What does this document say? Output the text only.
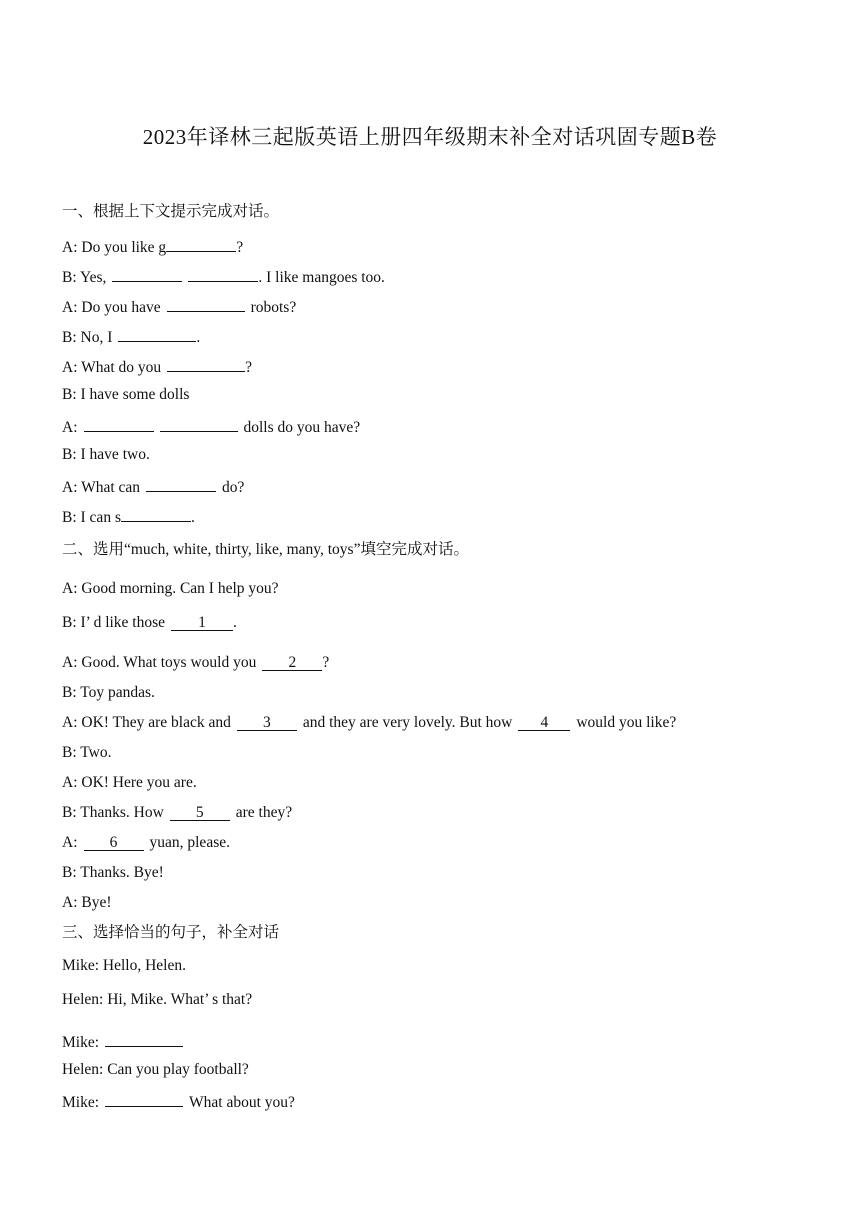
2023年译林三起版英语上册四年级期末补全对话巩固专题B卷
一、根据上下文提示完成对话。
A: Do you like g	?
B: Yes,	. I like mangoes too.
A: Do you have	robots?
B: No, I	.
A: What do you	?
B: I have some dolls
A:	dolls do you have?
B: I have two.
A: What can	do?
B: I can s	.
二、选用“much, white, thirty, like, many, toys”填空完成对话。
A: Good morning. Can I help you?
B: I’ d like those 1 .
A: Good. What toys would you 2 ?
B: Toy pandas.
A: OK! They are black and 3 and they are very lovely. But how 4 would you like?
B: Two.
A: OK! Here you are.
B: Thanks. How 5 are they?
A: 6 yuan, please.
B: Thanks. Bye!
A: Bye!
三、选择恰当的句子，补全对话
Mike: Hello, Helen.
Helen: Hi, Mike. What’ s that?
Mike:
Helen: Can you play football?
Mike:	What about you?
